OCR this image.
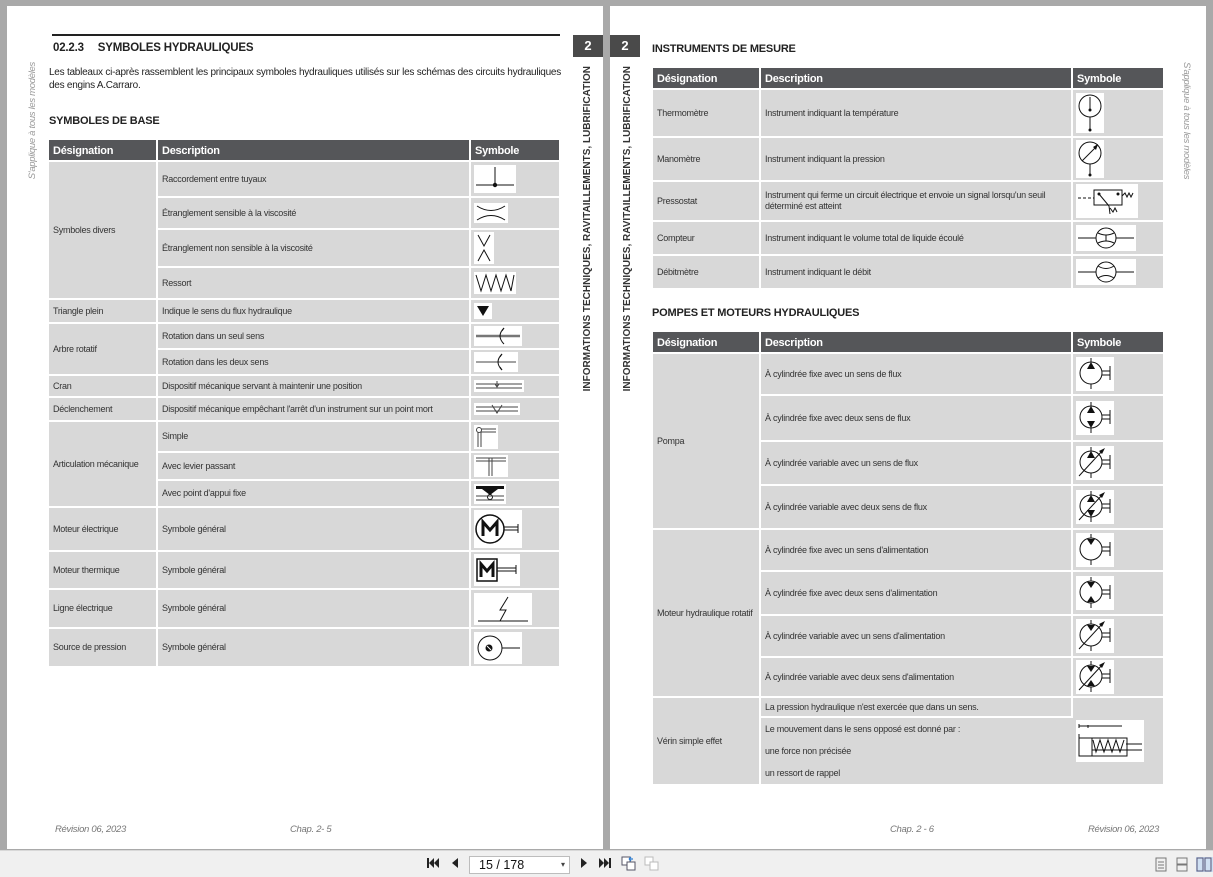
S'applique à tous les modèles
02.2.3 SYMBOLES HYDRAULIQUES
Les tableaux ci-après rassemblent les principaux symboles hydrauliques utilisés sur les schémas des circuits hydrauliques des engins A.Carraro.
SYMBOLES DE BASE
Désignation	Description	Symbole
Symboles divers	Raccordement entre tuyaux	

	Étranglement sensible à la viscosité	

	Étranglement non sensible à la viscosité	

	Ressort	

Triangle plein	Indique le sens du flux hydraulique	

Arbre rotatif	Rotation dans un seul sens	

	Rotation dans les deux sens	

Cran	Dispositif mécanique servant à maintenir une position	

Déclenchement	Dispositif mécanique empêchant l'arrêt d'un instrument sur un point mort	

Articulation mécanique	Simple	

	Avec levier passant	

	Avec point d'appui fixe	

Moteur électrique	Symbole général	

Moteur thermique	Symbole général	

Ligne électrique	Symbole général	

Source de pression	Symbole général	
2
INFORMATIONS TECHNIQUES, RAVITAILLEMENTS, LUBRIFICATION
Révision 06, 2023	Chap. 2- 5
2
INFORMATIONS TECHNIQUES, RAVITAILLEMENTS, LUBRIFICATION
INSTRUMENTS DE MESURE
Désignation	Description	Symbole
Thermomètre	Instrument indiquant la température	

Manomètre	Instrument indiquant la pression	

Pressostat	Instrument qui ferme un circuit électrique et envoie un signal lorsqu'un seuil déterminé est atteint	

Compteur	Instrument indiquant le volume total de liquide écoulé	

Débitmètre	Instrument indiquant le débit	
POMPES ET MOTEURS HYDRAULIQUES
Désignation	Description	Symbole
Pompa	À cylindrée fixe avec un sens de flux	

	À cylindrée fixe avec deux sens de flux	

	À cylindrée variable avec un sens de flux	

	À cylindrée variable avec deux sens de flux	

Moteur hydraulique rotatif	À cylindrée fixe avec un sens d'alimentation	

	À cylindrée fixe avec deux sens d'alimentation	

	À cylindrée variable avec un sens d'alimentation	

	À cylindrée variable avec deux sens d'alimentation	

Vérin simple effet	La pression hydraulique n'est exercée que dans un sens.	

	Le mouvement dans le sens opposé est donné par :
une force non précisée
un ressort de rappel	
S'applique à tous les modèles
Chap. 2 - 6	Révision 06, 2023
15 / 178	▾
